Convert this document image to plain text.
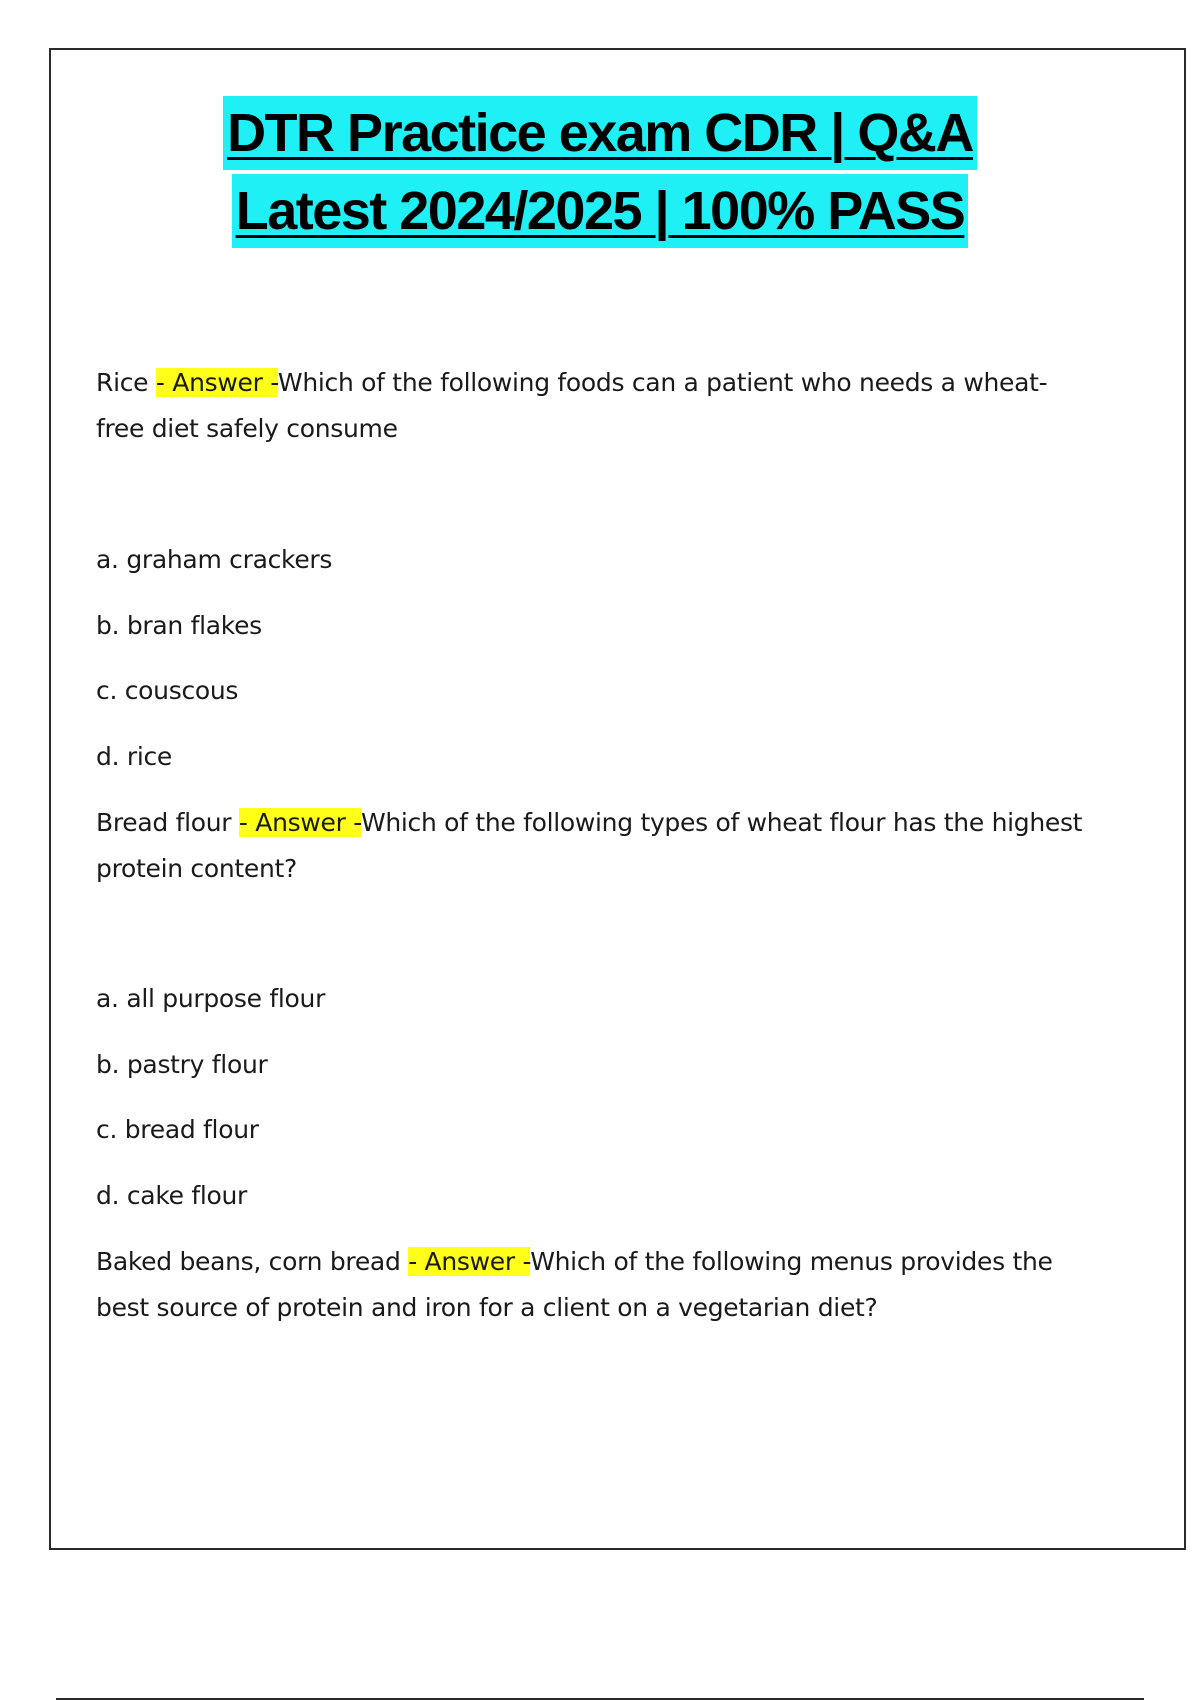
DTR Practice exam CDR | Q&A
Latest 2024/2025 | 100% PASS
Rice - Answer -Which of the following foods can a patient who needs a wheat-free diet safely consume
a. graham crackers
b. bran flakes
c. couscous
d. rice
Bread flour - Answer -Which of the following types of wheat flour has the highest protein content?
a. all purpose flour
b. pastry flour
c. bread flour
d. cake flour
Baked beans, corn bread - Answer -Which of the following menus provides the best source of protein and iron for a client on a vegetarian diet?
